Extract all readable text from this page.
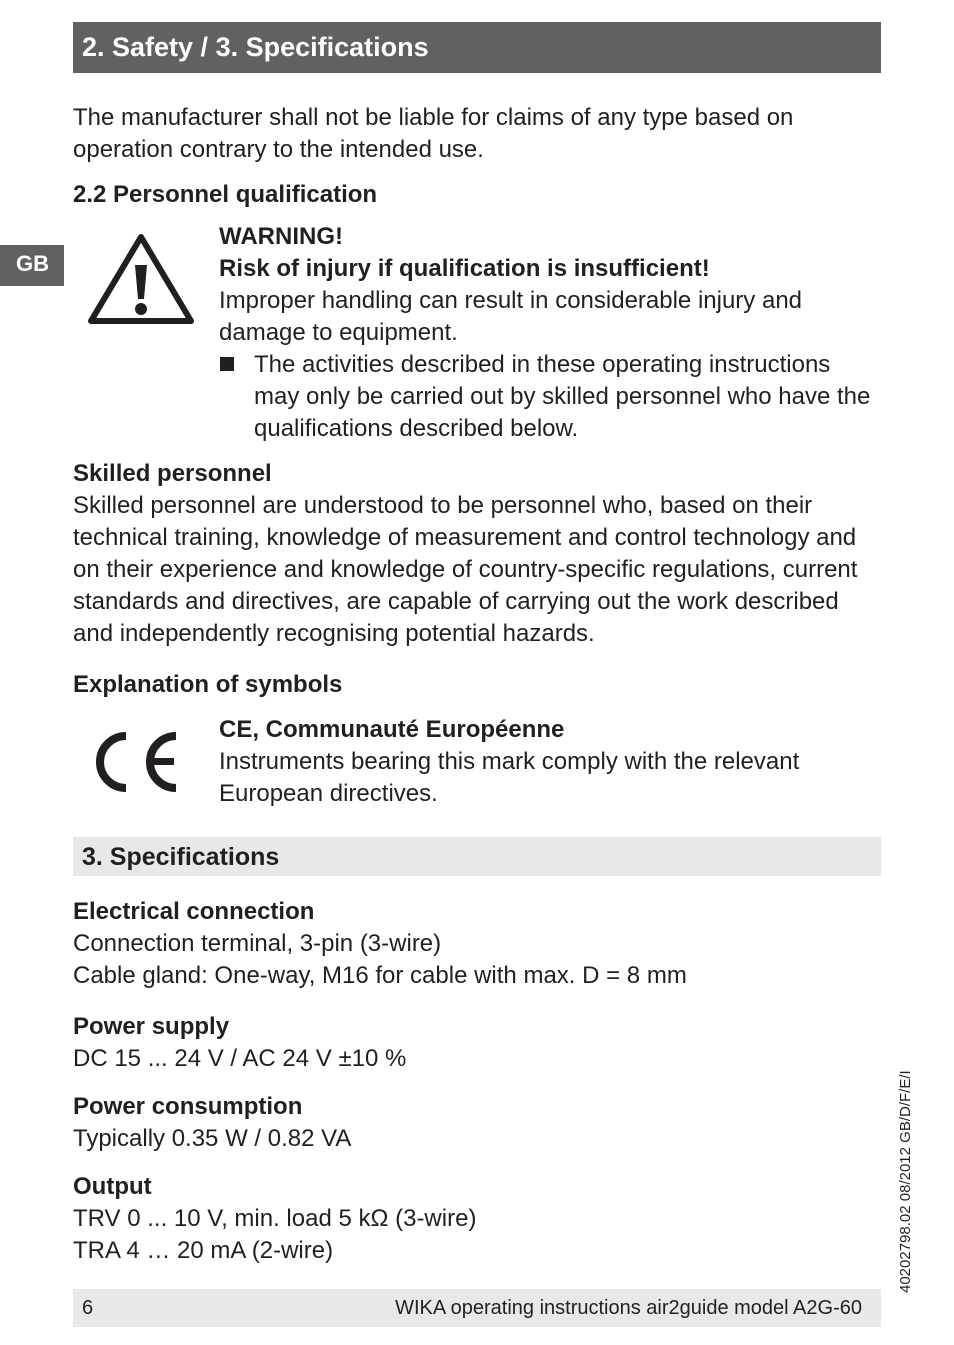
2. Safety / 3. Specifications
GB
The manufacturer shall not be liable for claims of any type based on operation contrary to the intended use.
2.2 Personnel qualification
WARNING!
Risk of injury if qualification is insufficient!
Improper handling can result in considerable injury and damage to equipment.
The activities described in these operating instructions may only be carried out by skilled personnel who have the qualifications described below.
Skilled personnel
Skilled personnel are understood to be personnel who, based on their technical training, knowledge of measurement and control technology and on their experience and knowledge of country-specific regulations, current standards and directives, are capable of carrying out the work described and independently recognising potential hazards.
Explanation of symbols
CE, Communauté Européenne
Instruments bearing this mark comply with the relevant European directives.
3. Specifications
Electrical connection
Connection terminal, 3-pin (3-wire)
Cable gland: One-way, M16 for cable with max. D = 8 mm
Power supply
DC 15 ... 24 V / AC 24 V ±10 %
Power consumption
Typically 0.35 W / 0.82 VA
Output
TRV 0 ... 10 V, min. load 5 kΩ (3-wire)
TRA 4 … 20 mA (2-wire)	40202798.02 08/2012 GB/D/F/E/I
6	WIKA operating instructions air2guide model A2G-60
